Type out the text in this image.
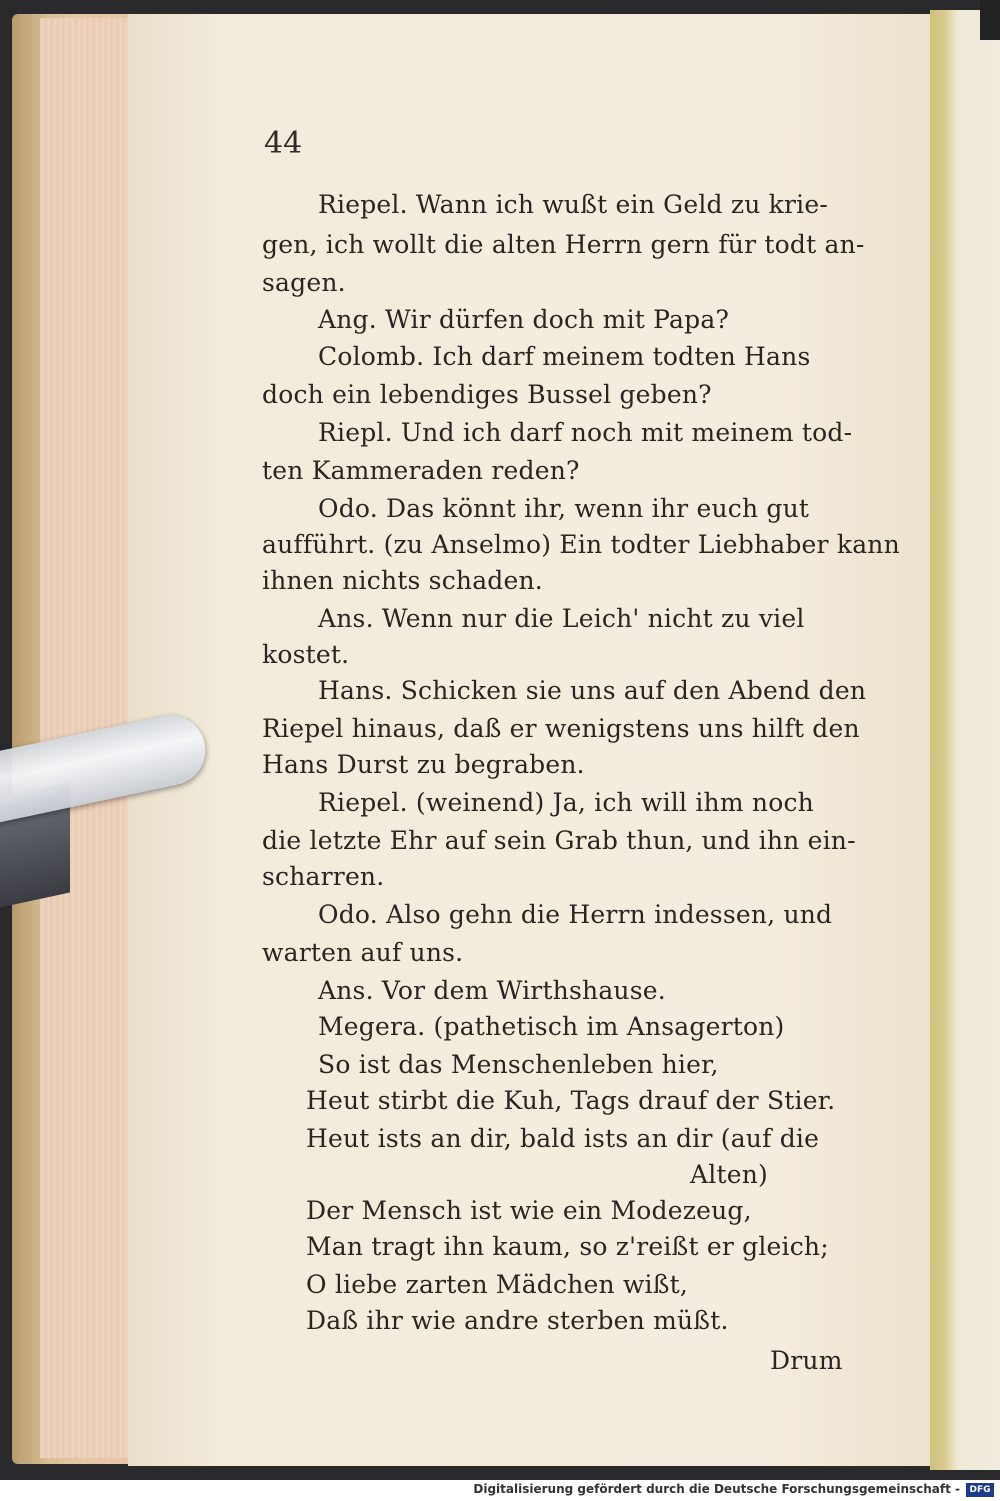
44
Riepel. Wann ich wußt ein Geld zu krie-
gen, ich wollt die alten Herrn gern für todt an-
sagen.
Ang. Wir dürfen doch mit Papa?
Colomb. Ich darf meinem todten Hans
doch ein lebendiges Bussel geben?
Riepl. Und ich darf noch mit meinem tod-
ten Kammeraden reden?
Odo. Das könnt ihr, wenn ihr euch gut
aufführt. (zu Anselmo) Ein todter Liebhaber kann
ihnen nichts schaden.
Ans. Wenn nur die Leich' nicht zu viel
kostet.
Hans. Schicken sie uns auf den Abend den
Riepel hinaus, daß er wenigstens uns hilft den
Hans Durst zu begraben.
Riepel. (weinend) Ja, ich will ihm noch
die letzte Ehr auf sein Grab thun, und ihn ein-
scharren.
Odo. Also gehn die Herrn indessen, und
warten auf uns.
Ans. Vor dem Wirthshause.
Megera. (pathetisch im Ansagerton)
So ist das Menschenleben hier,
Heut stirbt die Kuh, Tags drauf der Stier.
Heut ists an dir, bald ists an dir (auf die
Alten)
Der Mensch ist wie ein Modezeug,
Man tragt ihn kaum, so z'reißt er gleich;
O liebe zarten Mädchen wißt,
Daß ihr wie andre sterben müßt.
Drum
Digitalisierung gefördert durch die Deutsche Forschungsgemeinschaft -	DFG
